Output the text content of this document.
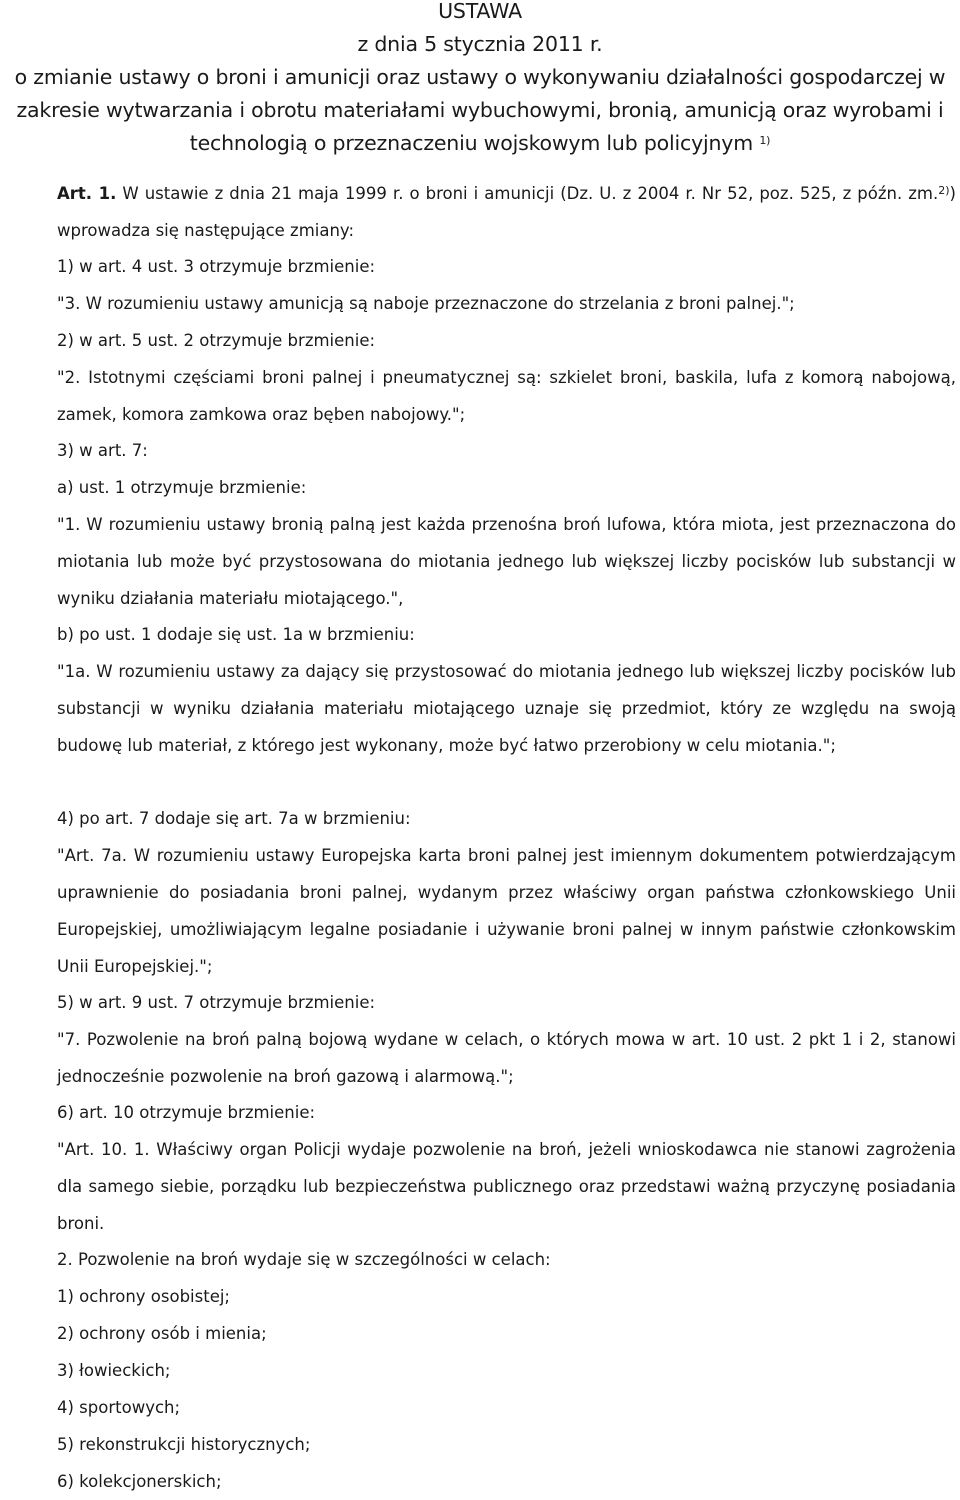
USTAWA
z dnia 5 stycznia 2011 r.
o zmianie ustawy o broni i amunicji oraz ustawy o wykonywaniu działalności gospodarczej w
zakresie wytwarzania i obrotu materiałami wybuchowymi, bronią, amunicją oraz wyrobami i
technologią o przeznaczeniu wojskowym lub policyjnym $^{1)}$

Art. 1. W ustawie z dnia 21 maja 1999 r. o broni i amunicji (Dz. U. z 2004 r. Nr 52, poz. 525, z późn. zm.$^{2)}$) wprowadza się następujące zmiany:

1) w art. 4 ust. 3 otrzymuje brzmienie:

"3. W rozumieniu ustawy amunicją są naboje przeznaczone do strzelania z broni palnej.";

2) w art. 5 ust. 2 otrzymuje brzmienie:

"2. Istotnymi częściami broni palnej i pneumatycznej są: szkielet broni, baskila, lufa z komorą nabojową, zamek, komora zamkowa oraz bęben nabojowy.";

3) w art. 7:

a) ust. 1 otrzymuje brzmienie:

"1. W rozumieniu ustawy bronią palną jest każda przenośna broń lufowa, która miota, jest przeznaczona do miotania lub może być przystosowana do miotania jednego lub większej liczby pocisków lub substancji w wyniku działania materiału miotającego.",

b) po ust. 1 dodaje się ust. 1a w brzmieniu:

"1a. W rozumieniu ustawy za dający się przystosować do miotania jednego lub większej liczby pocisków lub substancji w wyniku działania materiału miotającego uznaje się przedmiot, który ze względu na swoją budowę lub materiał, z którego jest wykonany, może być łatwo przerobiony w celu miotania.";

4) po art. 7 dodaje się art. 7a w brzmieniu:

"Art. 7a. W rozumieniu ustawy Europejska karta broni palnej jest imiennym dokumentem potwierdzającym uprawnienie do posiadania broni palnej, wydanym przez właściwy organ państwa członkowskiego Unii Europejskiej, umożliwiającym legalne posiadanie i używanie broni palnej w innym państwie członkowskim Unii Europejskiej.";

5) w art. 9 ust. 7 otrzymuje brzmienie:

"7. Pozwolenie na broń palną bojową wydane w celach, o których mowa w art. 10 ust. 2 pkt 1 i 2, stanowi jednocześnie pozwolenie na broń gazową i alarmową.";

6) art. 10 otrzymuje brzmienie:

"Art. 10. 1. Właściwy organ Policji wydaje pozwolenie na broń, jeżeli wnioskodawca nie stanowi zagrożenia dla samego siebie, porządku lub bezpieczeństwa publicznego oraz przedstawi ważną przyczynę posiadania broni.

2. Pozwolenie na broń wydaje się w szczególności w celach:

1) ochrony osobistej;

2) ochrony osób i mienia;

3) łowieckich;

4) sportowych;

5) rekonstrukcji historycznych;

6) kolekcjonerskich;
